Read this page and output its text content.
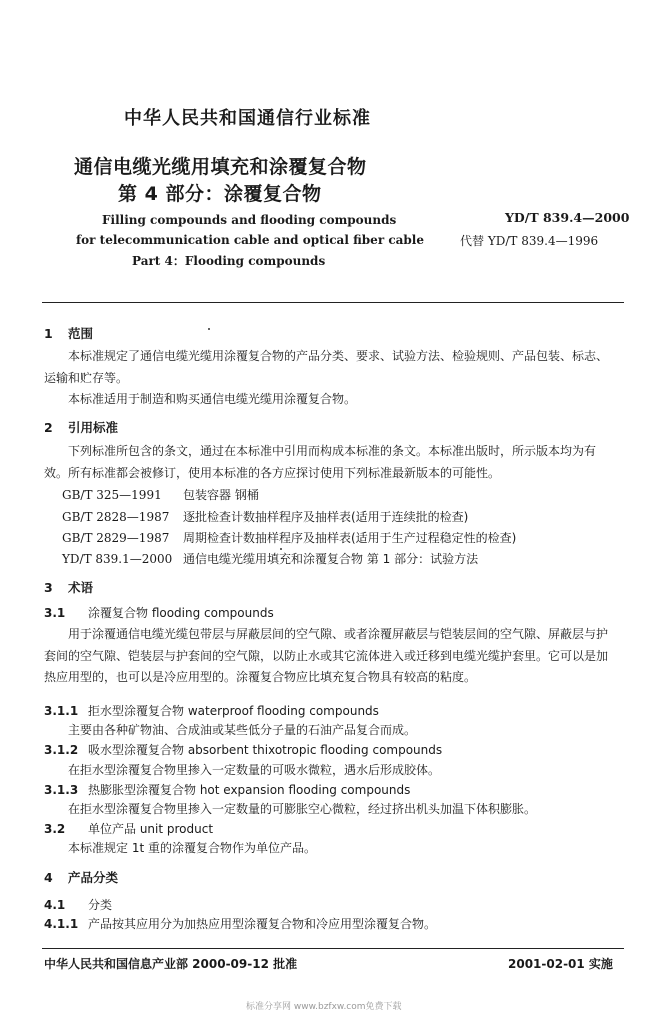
中华人民共和国通信行业标准
通信电缆光缆用填充和涂覆复合物
第 4 部分：涂覆复合物
Filling compounds and flooding compounds
for telecommunication cable and optical fiber cable
Part 4：Flooding compounds
YD/T 839.4—2000
代替 YD/T 839.4—1996
1 范围
本标准规定了通信电缆光缆用涂覆复合物的产品分类、要求、试验方法、检验规则、产品包装、标志、运输和贮存等。
本标准适用于制造和购买通信电缆光缆用涂覆复合物。
2 引用标准
下列标准所包含的条文，通过在本标准中引用而构成本标准的条文。本标准出版时，所示版本均为有效。所有标准都会被修订，使用本标准的各方应探讨使用下列标准最新版本的可能性。
GB/T 325—1991 包装容器 钢桶
GB/T 2828—1987 逐批检查计数抽样程序及抽样表(适用于连续批的检查)
GB/T 2829—1987 周期检查计数抽样程序及抽样表(适用于生产过程稳定性的检查)
YD/T 839.1—2000 通信电缆光缆用填充和涂覆复合物 第 1 部分：试验方法
3 术语
3.1 涂覆复合物 flooding compounds
用于涂覆通信电缆光缆包带层与屏蔽层间的空气隙、或者涂覆屏蔽层与铠装层间的空气隙、屏蔽层与护套间的空气隙、铠装层与护套间的空气隙，以防止水或其它流体进入或迁移到电缆光缆护套里。它可以是加热应用型的，也可以是冷应用型的。涂覆复合物应比填充复合物具有较高的粘度。
3.1.1 拒水型涂覆复合物 waterproof flooding compounds
主要由各种矿物油、合成油或某些低分子量的石油产品复合而成。
3.1.2 吸水型涂覆复合物 absorbent thixotropic flooding compounds
在拒水型涂覆复合物里掺入一定数量的可吸水微粒，遇水后形成胶体。
3.1.3 热膨胀型涂覆复合物 hot expansion flooding compounds
在拒水型涂覆复合物里掺入一定数量的可膨胀空心微粒，经过挤出机头加温下体积膨胀。
3.2 单位产品 unit product
本标准规定 1t 重的涂覆复合物作为单位产品。
4 产品分类
4.1 分类
4.1.1 产品按其应用分为加热应用型涂覆复合物和冷应用型涂覆复合物。
中华人民共和国信息产业部 2000-09-12 批准	2001-02-01 实施
标准分享网 www.bzfxw.com免费下载
